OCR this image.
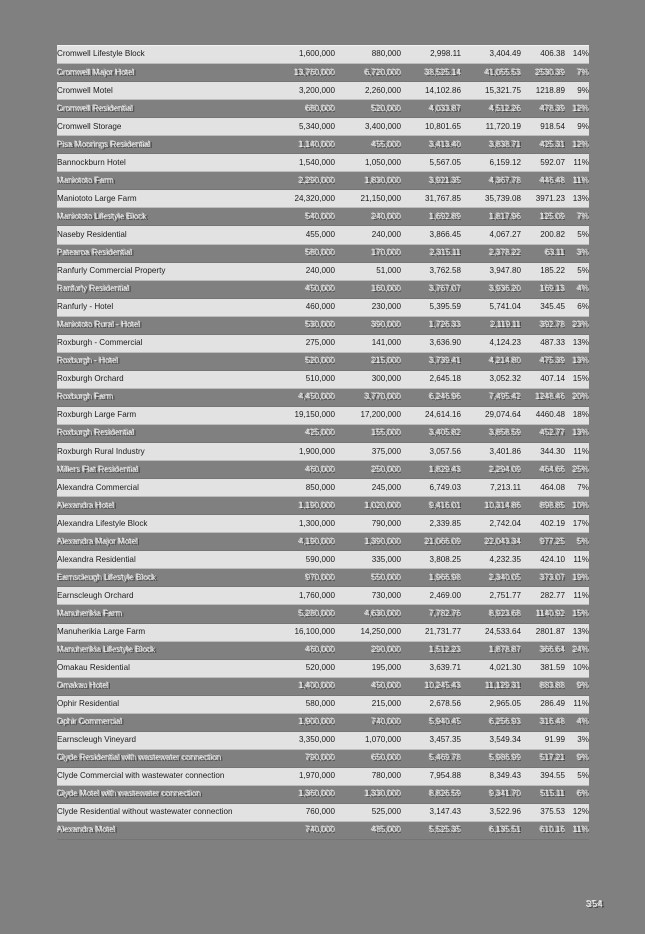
Cromwell Lifestyle Block	1,600,000	880,000	2,998.11	3,404.49	406.38	14%
Cromwell Major Hotel	13,760,000	6,720,000	38,525.14	41,055.53	2530.39	7%
Cromwell Motel	3,200,000	2,260,000	14,102.86	15,321.75	1218.89	9%
Cromwell Residential	680,000	520,000	4,033.87	4,512.26	478.39	12%
Cromwell Storage	5,340,000	3,400,000	10,801.65	11,720.19	918.54	9%
Pisa Moorings Residential	1,140,000	455,000	3,413.40	3,838.71	425.31	12%
Bannockburn Hotel	1,540,000	1,050,000	5,567.05	6,159.12	592.07	11%
Maniototo Farm	2,290,000	1,830,000	3,921.35	4,367.78	446.48	11%
Maniototo Large Farm	24,320,000	21,150,000	31,767.85	35,739.08	3971.23	13%
Maniototo Lifestyle Block	540,000	240,000	1,692.89	1,817.96	125.09	7%
Naseby Residential	455,000	240,000	3,866.45	4,067.27	200.82	5%
Patearoa Residential	580,000	170,000	2,315.11	2,378.22	63.11	3%
Ranfurly Commercial Property	240,000	51,000	3,762.58	3,947.80	185.22	5%
Ranfurly Residential	450,000	160,000	3,767.07	3,936.20	169.13	4%
Ranfurly - Hotel	460,000	230,000	5,395.59	5,741.04	345.45	6%
Maniototo Rural - Hotel	530,000	390,000	1,726.33	2,119.11	392.78	23%
Roxburgh - Commercial	275,000	141,000	3,636.90	4,124.23	487.33	13%
Roxburgh - Hotel	520,000	215,000	3,739.41	4,214.80	475.39	13%
Roxburgh Orchard	510,000	300,000	2,645.18	3,052.32	407.14	15%
Roxburgh Farm	4,450,000	3,770,000	6,246.96	7,495.42	1248.46	20%
Roxburgh Large Farm	19,150,000	17,200,000	24,614.16	29,074.64	4460.48	18%
Roxburgh Residential	425,000	155,000	3,405.82	3,858.59	452.77	13%
Roxburgh Rural Industry	1,900,000	375,000	3,057.56	3,401.86	344.30	11%
Millers Flat Residential	460,000	250,000	1,829.43	2,294.09	464.66	25%
Alexandra Commercial	850,000	245,000	6,749.03	7,213.11	464.08	7%
Alexandra Hotel	1,190,000	1,020,000	9,416.01	10,314.86	898.85	10%
Alexandra Lifestyle Block	1,300,000	790,000	2,339.85	2,742.04	402.19	17%
Alexandra Major Motel	4,190,000	1,390,000	21,066.09	22,043.34	977.25	5%
Alexandra Residential	590,000	335,000	3,808.25	4,232.35	424.10	11%
Earnscleugh Lifestyle Block	970,000	550,000	1,966.98	2,340.05	373.07	19%
Earnscleugh Orchard	1,760,000	730,000	2,469.00	2,751.77	282.77	11%
Manuherikia Farm	5,280,000	4,630,000	7,782.76	8,923.68	1140.92	15%
Manuherikia Large Farm	16,100,000	14,250,000	21,731.77	24,533.64	2801.87	13%
Manuherikia Lifestyle Block	460,000	290,000	1,512.23	1,878.87	366.64	24%
Omakau Residential	520,000	195,000	3,639.71	4,021.30	381.59	10%
Omakau Hotel	1,400,000	450,000	10,245.43	11,129.31	883.88	9%
Ophir Residential	580,000	215,000	2,678.56	2,965.05	286.49	11%
Ophir Commercial	1,900,000	740,000	5,940.45	6,256.93	316.48	4%
Earnscleugh Vineyard	3,350,000	1,070,000	3,457.35	3,549.34	91.99	3%
Clyde Residential with wastewater connection	790,000	650,000	5,469.78	5,986.99	517.21	9%
Clyde Commercial with wastewater connection	1,970,000	780,000	7,954.88	8,349.43	394.55	5%
Clyde Motel with wastewater connection	1,360,000	1,330,000	8,826.59	9,341.70	515.11	6%
Clyde Residential without wastewater connection	760,000	525,000	3,147.43	3,522.96	375.53	12%
Alexandra Motel	740,000	485,000	5,525.35	6,135.51	610.16	11%
354
